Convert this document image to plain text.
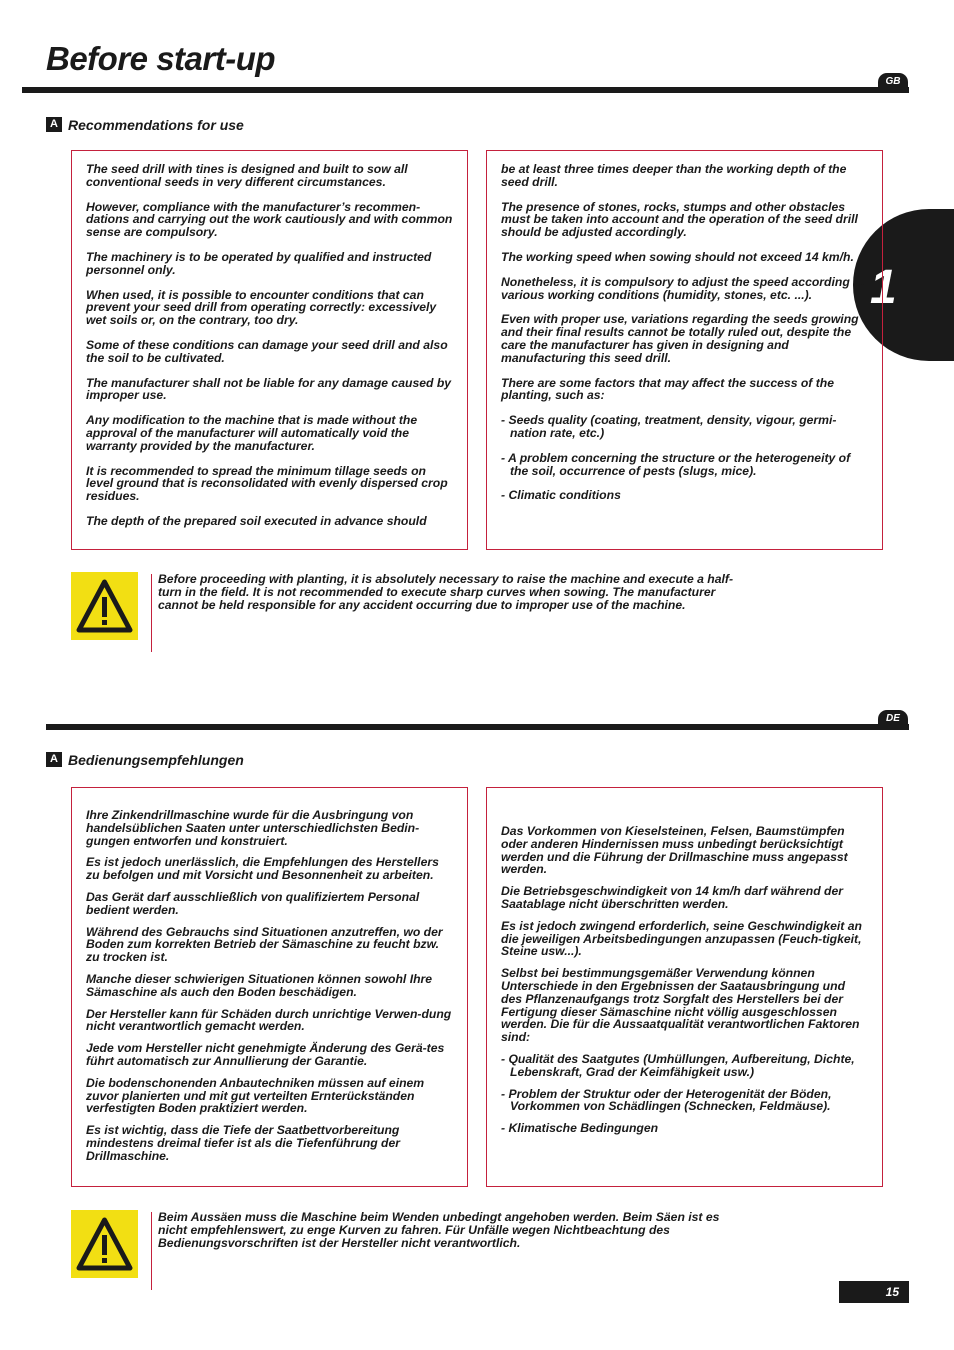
Before start-up
GB
1
A Recommendations for use

The seed drill with tines is designed and built to sow all conventional seeds in very different circumstances.

However, compliance with the manufacturer’s recommen-dations and carrying out the work cautiously and with common sense are compulsory.

The machinery is to be operated by qualified and instructed personnel only.

When used, it is possible to encounter conditions that can prevent your seed drill from operating correctly: excessively wet soils or, on the contrary, too dry.

Some of these conditions can damage your seed drill and also the soil to be cultivated.

The manufacturer shall not be liable for any damage caused by improper use.

Any modification to the machine that is made without the approval of the manufacturer will automatically void the warranty provided by the manufacturer.

It is recommended to spread the minimum tillage seeds on level ground that is reconsolidated with evenly dispersed crop residues.

The depth of the prepared soil executed in advance should

be at least three times deeper than the working depth of the seed drill.

The presence of stones, rocks, stumps and other obstacles must be taken into account and the operation of the seed drill should be adjusted accordingly.

The working speed when sowing should not exceed 14 km/h.

Nonetheless, it is compulsory to adjust the speed according to various working conditions (humidity, stones, etc. ...).

Even with proper use, variations regarding the seeds growing and their final results cannot be totally ruled out, despite the care the manufacturer has given in designing and manufacturing this seed drill.

There are some factors that may affect the success of the planting, such as:

- Seeds quality (coating, treatment, density, vigour, germi-nation rate, etc.)

- A problem concerning the structure or the heterogeneity of the soil, occurrence of pests (slugs, mice).

- Climatic conditions

Before proceeding with planting, it is absolutely necessary to raise the machine and execute a half-turn in the field. It is not recommended to execute sharp curves when sowing. The manufacturer cannot be held responsible for any accident occurring due to improper use of the machine.

DE
A Bedienungsempfehlungen

Ihre Zinkendrillmaschine wurde für die Ausbringung von handelsüblichen Saaten unter unterschiedlichsten Bedin-gungen entworfen und konstruiert.

Es ist jedoch unerlässlich, die Empfehlungen des Herstellers zu befolgen und mit Vorsicht und Besonnenheit zu arbeiten.

Das Gerät darf ausschließlich von qualifiziertem Personal bedient werden.

Während des Gebrauchs sind Situationen anzutreffen, wo der Boden zum korrekten Betrieb der Sämaschine zu feucht bzw. zu trocken ist.

Manche dieser schwierigen Situationen können sowohl Ihre Sämaschine als auch den Boden beschädigen.

Der Hersteller kann für Schäden durch unrichtige Verwen-dung nicht verantwortlich gemacht werden.

Jede vom Hersteller nicht genehmigte Änderung des Gerä-tes führt automatisch zur Annullierung der Garantie.

Die bodenschonenden Anbautechniken müssen auf einem zuvor planierten und mit gut verteilten Ernterückständen verfestigten Boden praktiziert werden.

Es ist wichtig, dass die Tiefe der Saatbettvorbereitung mindestens dreimal tiefer ist als die Tiefenführung der Drillmaschine.

Das Vorkommen von Kieselsteinen, Felsen, Baumstümpfen oder anderen Hindernissen muss unbedingt berücksichtigt werden und die Führung der Drillmaschine muss angepasst werden.

Die Betriebsgeschwindigkeit von 14 km/h darf während der Saatablage nicht überschritten werden.

Es ist jedoch zwingend erforderlich, seine Geschwindigkeit an die jeweiligen Arbeitsbedingungen anzupassen (Feuch-tigkeit, Steine usw...).

Selbst bei bestimmungsgemäßer Verwendung können Unterschiede in den Ergebnissen der Saatausbringung und des Pflanzenaufgangs trotz Sorgfalt des Herstellers bei der Fertigung dieser Sämaschine nicht völlig ausgeschlossen werden. Die für die Aussaatqualität verantwortlichen Faktoren sind:

- Qualität des Saatgutes (Umhüllungen, Aufbereitung, Dichte, Lebenskraft, Grad der Keimfähigkeit usw.)

- Problem der Struktur oder der Heterogenität der Böden, Vorkommen von Schädlingen (Schnecken, Feldmäuse).

- Klimatische Bedingungen

Beim Aussäen muss die Maschine beim Wenden unbedingt angehoben werden. Beim Säen ist es nicht empfehlenswert, zu enge Kurven zu fahren. Für Unfälle wegen Nichtbeachtung des Bedienungsvorschriften ist der Hersteller nicht verantwortlich.

15
